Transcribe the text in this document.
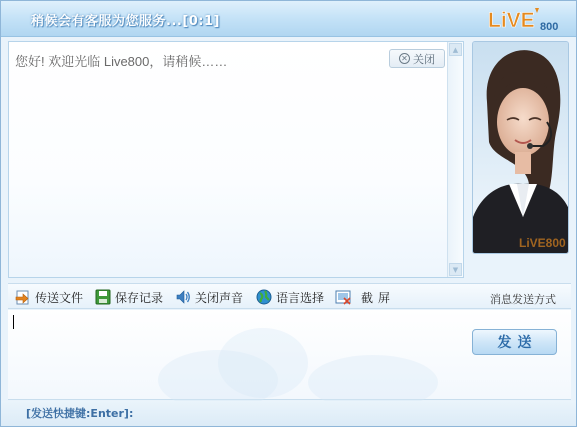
稍候会有客服为您服务...[0:1]	LiVE 800
您好! 欢迎光临 Live800，请稍候……	✕ 关闭
▲
▼
LiVE800
传送文件	保存记录	关闭声音	语言选择	截屏	消息发送方式
发送
[发送快捷键:Enter]:
